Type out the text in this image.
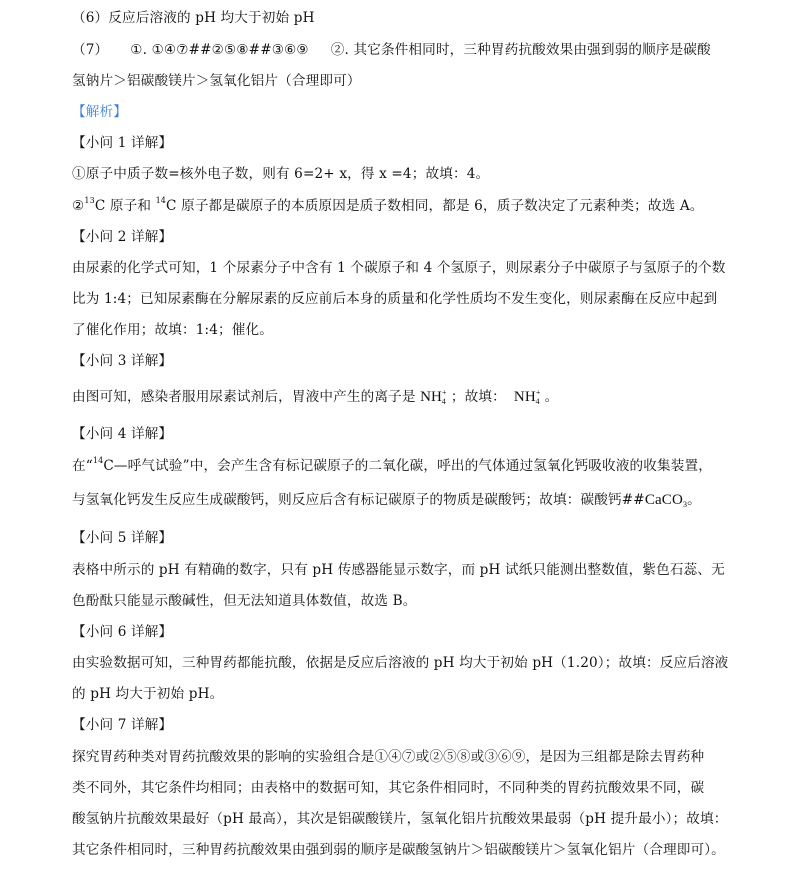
（6）反应后溶液的 pH 均大于初始 pH
（7） ①. ①④⑦##②⑤⑧##③⑥⑨ ②. 其它条件相同时，三种胃药抗酸效果由强到弱的顺序是碳酸
氢钠片＞铝碳酸镁片＞氢氧化铝片（合理即可）
【解析】
【小问 1 详解】
①原子中质子数=核外电子数，则有 6=2+ x，得 x =4；故填：4。
②$^{13}$C 原子和 $^{14}$C 原子都是碳原子的本质原因是质子数相同，都是 6，质子数决定了元素种类；故选 A。
【小问 2 详解】
由尿素的化学式可知，1 个尿素分子中含有 1 个碳原子和 4 个氢原子，则尿素分子中碳原子与氢原子的个数
比为 1:4；已知尿素酶在分解尿素的反应前后本身的质量和化学性质均不发生变化，则尿素酶在反应中起到
了催化作用；故填：1:4；催化。
【小问 3 详解】
由图可知，感染者服用尿素试剂后，胃液中产生的离子是 $NH^+_4$ ；故填： $NH^+_4$ 。
【小问 4 详解】
在“$^{14}$C—呼气试验”中，会产生含有标记碳原子的二氧化碳，呼出的气体通过氢氧化钙吸收液的收集装置，
与氢氧化钙发生反应生成碳酸钙，则反应后含有标记碳原子的物质是碳酸钙；故填：碳酸钙##CaCO$_3$。
【小问 5 详解】
表格中所示的 pH 有精确的数字，只有 pH 传感器能显示数字，而 pH 试纸只能测出整数值，紫色石蕊、无
色酚酞只能显示酸碱性，但无法知道具体数值，故选 B。
【小问 6 详解】
由实验数据可知，三种胃药都能抗酸，依据是反应后溶液的 pH 均大于初始 pH（1.20）；故填：反应后溶液
的 pH 均大于初始 pH。
【小问 7 详解】
探究胃药种类对胃药抗酸效果的影响的实验组合是①④⑦或②⑤⑧或③⑥⑨，是因为三组都是除去胃药种
类不同外，其它条件均相同；由表格中的数据可知，其它条件相同时，不同种类的胃药抗酸效果不同，碳
酸氢钠片抗酸效果最好（pH 最高），其次是铝碳酸镁片，氢氧化铝片抗酸效果最弱（pH 提升最小）；故填：
其它条件相同时，三种胃药抗酸效果由强到弱的顺序是碳酸氢钠片＞铝碳酸镁片＞氢氧化铝片（合理即可）。
